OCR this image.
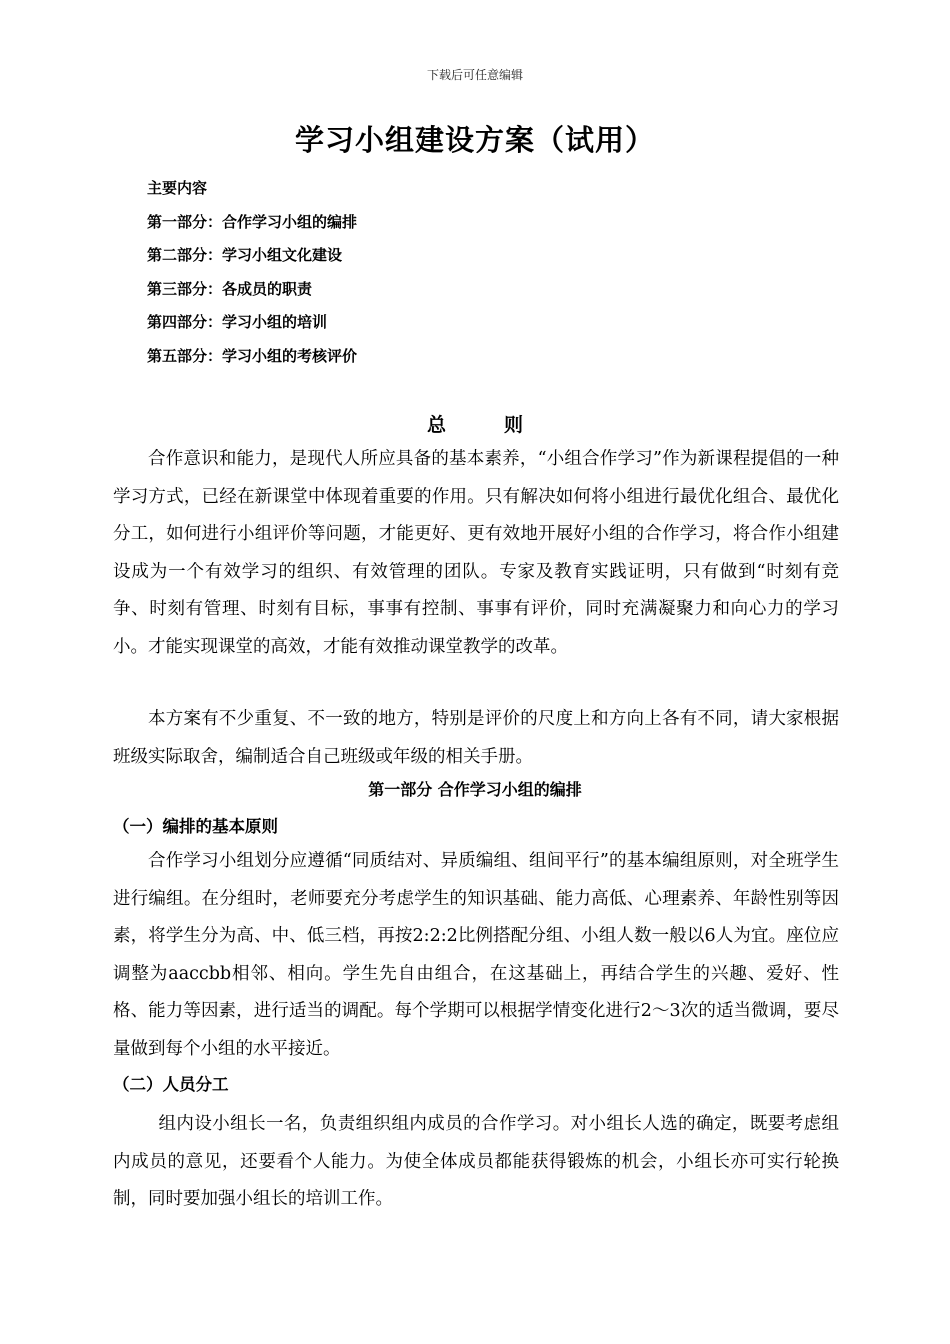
下载后可任意编辑
学习小组建设方案（试用）
主要内容
第一部分：合作学习小组的编排
第二部分：学习小组文化建设
第三部分：各成员的职责
第四部分：学习小组的培训
第五部分：学习小组的考核评价
总	则
合作意识和能力，是现代人所应具备的基本素养，“小组合作学习”作为新课程提倡的一种学习方式，已经在新课堂中体现着重要的作用。只有解决如何将小组进行最优化组合、最优化分工，如何进行小组评价等问题，才能更好、更有效地开展好小组的合作学习，将合作小组建设成为一个有效学习的组织、有效管理的团队。专家及教育实践证明，只有做到“时刻有竞争、时刻有管理、时刻有目标，事事有控制、事事有评价，同时充满凝聚力和向心力的学习小。才能实现课堂的高效，才能有效推动课堂教学的改革。
本方案有不少重复、不一致的地方，特别是评价的尺度上和方向上各有不同，请大家根据班级实际取舍，编制适合自己班级或年级的相关手册。
第一部分 合作学习小组的编排
（一）编排的基本原则
合作学习小组划分应遵循“同质结对、异质编组、组间平行”的基本编组原则，对全班学生进行编组。在分组时，老师要充分考虑学生的知识基础、能力高低、心理素养、年龄性别等因素，将学生分为高、中、低三档，再按2:2:2比例搭配分组、小组人数一般以6人为宜。座位应调整为aaccbb相邻、相向。学生先自由组合，在这基础上，再结合学生的兴趣、爱好、性格、能力等因素，进行适当的调配。每个学期可以根据学情变化进行2～3次的适当微调，要尽量做到每个小组的水平接近。
（二）人员分工
组内设小组长一名，负责组织组内成员的合作学习。对小组长人选的确定，既要考虑组内成员的意见，还要看个人能力。为使全体成员都能获得锻炼的机会，小组长亦可实行轮换制，同时要加强小组长的培训工作。
